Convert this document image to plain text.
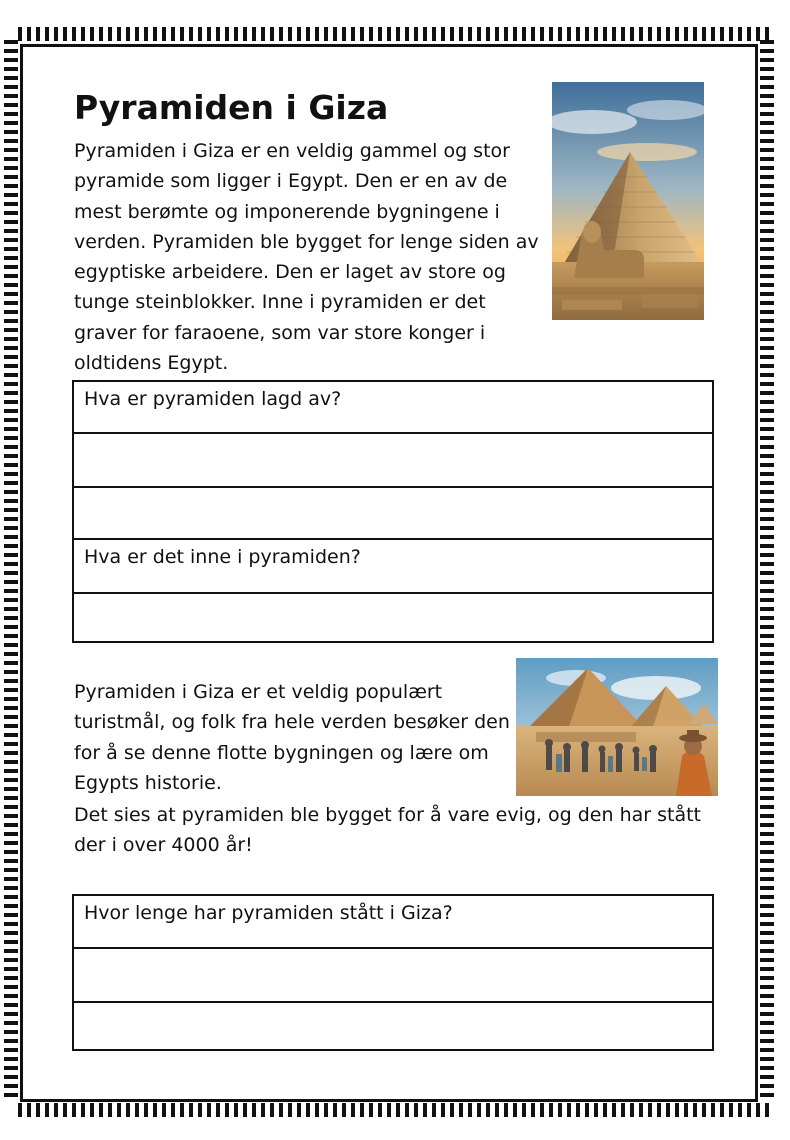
Pyramiden i Giza

Pyramiden i Giza er en veldig gammel og stor pyramide som ligger i Egypt. Den er en av de mest berømte og imponerende bygningene i verden. Pyramiden ble bygget for lenge siden av egyptiske arbeidere. Den er laget av store og tunge steinblokker. Inne i pyramiden er det graver for faraoene, som var store konger i oldtidens Egypt.

Hva er pyramiden lagd av?
Hva er det inne i pyramiden?

Pyramiden i Giza er et veldig populært turistmål, og folk fra hele verden besøker den for å se denne flotte bygningen og lære om Egypts historie.

Det sies at pyramiden ble bygget for å vare evig, og den har stått der i over 4000 år!

Hvor lenge har pyramiden stått i Giza?
